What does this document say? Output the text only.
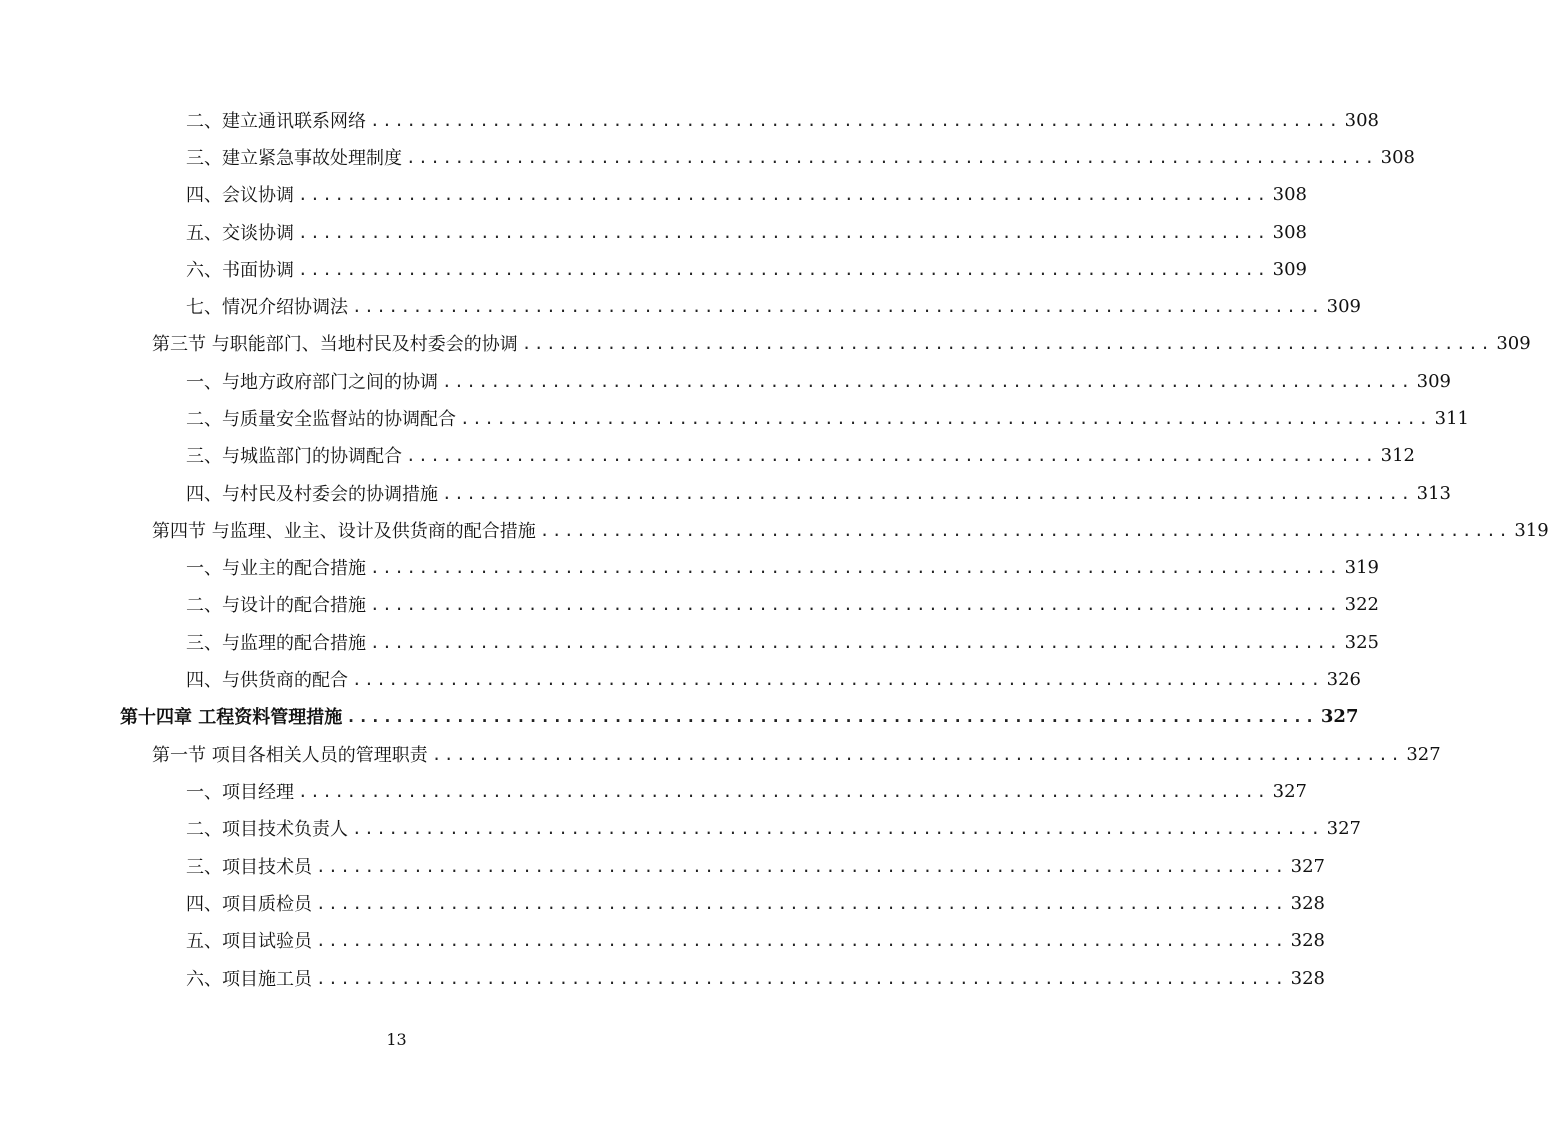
二、建立通讯联系网络 ................................................................................ 308
三、建立紧急事故处理制度 ................................................................................ 308
四、会议协调 ................................................................................ 308
五、交谈协调 ................................................................................ 308
六、书面协调 ................................................................................ 309
七、情况介绍协调法 ................................................................................ 309
第三节 与职能部门、当地村民及村委会的协调 ................................................................................ 309
一、与地方政府部门之间的协调 ................................................................................ 309
二、与质量安全监督站的协调配合 ................................................................................ 311
三、与城监部门的协调配合 ................................................................................ 312
四、与村民及村委会的协调措施 ................................................................................ 313
第四节 与监理、业主、设计及供货商的配合措施 ................................................................................ 319
一、与业主的配合措施 ................................................................................ 319
二、与设计的配合措施 ................................................................................ 322
三、与监理的配合措施 ................................................................................ 325
四、与供货商的配合 ................................................................................ 326
第十四章 工程资料管理措施 ................................................................................ 327
第一节 项目各相关人员的管理职责 ................................................................................ 327
一、项目经理 ................................................................................ 327
二、项目技术负责人 ................................................................................ 327
三、项目技术员 ................................................................................ 327
四、项目质检员 ................................................................................ 328
五、项目试验员 ................................................................................ 328
六、项目施工员 ................................................................................ 328
13
